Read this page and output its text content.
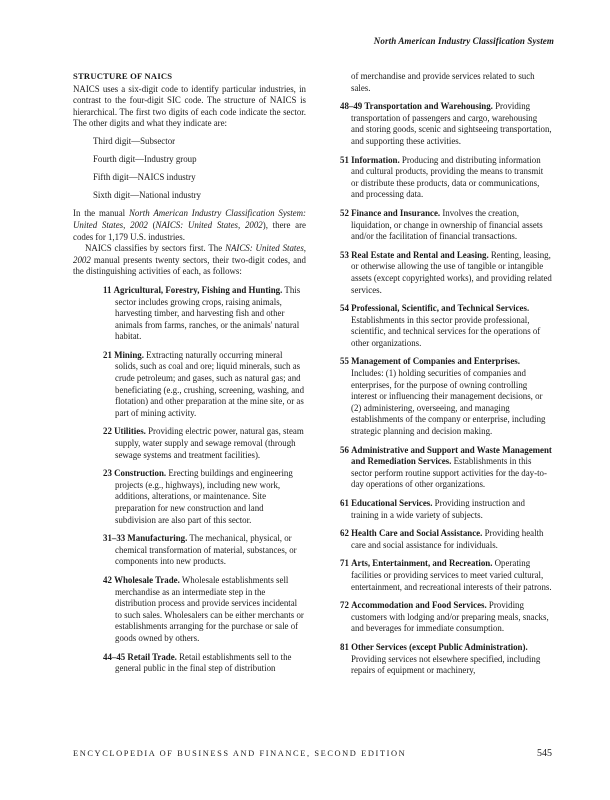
North American Industry Classification System
STRUCTURE OF NAICS

NAICS uses a six-digit code to identify particular industries, in contrast to the four-digit SIC code. The structure of NAICS is hierarchical. The first two digits of each code indicate the sector. The other digits and what they indicate are:

Third digit—Subsector
Fourth digit—Industry group
Fifth digit—NAICS industry
Sixth digit—National industry

In the manual North American Industry Classification System: United States, 2002 (NAICS: United States, 2002), there are codes for 1,179 U.S. industries.

NAICS classifies by sectors first. The NAICS: United States, 2002 manual presents twenty sectors, their two-digit codes, and the distinguishing activities of each, as follows:

11 Agricultural, Forestry, Fishing and Hunting. This sector includes growing crops, raising animals, harvesting timber, and harvesting fish and other animals from farms, ranches, or the animals' natural habitat.
21 Mining. Extracting naturally occurring mineral solids, such as coal and ore; liquid minerals, such as crude petroleum; and gases, such as natural gas; and beneficiating (e.g., crushing, screening, washing, and flotation) and other preparation at the mine site, or as part of mining activity.
22 Utilities. Providing electric power, natural gas, steam supply, water supply and sewage removal (through sewage systems and treatment facilities).
23 Construction. Erecting buildings and engineering projects (e.g., highways), including new work, additions, alterations, or maintenance. Site preparation for new construction and land subdivision are also part of this sector.
31–33 Manufacturing. The mechanical, physical, or chemical transformation of material, substances, or components into new products.
42 Wholesale Trade. Wholesale establishments sell merchandise as an intermediate step in the distribution process and provide services incidental to such sales. Wholesalers can be either merchants or establishments arranging for the purchase or sale of goods owned by others.
44–45 Retail Trade. Retail establishments sell to the general public in the final step of distribution

of merchandise and provide services related to such sales.

48–49 Transportation and Warehousing. Providing transportation of passengers and cargo, warehousing and storing goods, scenic and sightseeing transportation, and supporting these activities.
51 Information. Producing and distributing information and cultural products, providing the means to transmit or distribute these products, data or communications, and processing data.
52 Finance and Insurance. Involves the creation, liquidation, or change in ownership of financial assets and/or the facilitation of financial transactions.
53 Real Estate and Rental and Leasing. Renting, leasing, or otherwise allowing the use of tangible or intangible assets (except copyrighted works), and providing related services.
54 Professional, Scientific, and Technical Services. Establishments in this sector provide professional, scientific, and technical services for the operations of other organizations.
55 Management of Companies and Enterprises. Includes: (1) holding securities of companies and enterprises, for the purpose of owning controlling interest or influencing their management decisions, or (2) administering, overseeing, and managing establishments of the company or enterprise, including strategic planning and decision making.
56 Administrative and Support and Waste Management and Remediation Services. Establishments in this sector perform routine support activities for the day-to-day operations of other organizations.
61 Educational Services. Providing instruction and training in a wide variety of subjects.
62 Health Care and Social Assistance. Providing health care and social assistance for individuals.
71 Arts, Entertainment, and Recreation. Operating facilities or providing services to meet varied cultural, entertainment, and recreational interests of their patrons.
72 Accommodation and Food Services. Providing customers with lodging and/or preparing meals, snacks, and beverages for immediate consumption.
81 Other Services (except Public Administration). Providing services not elsewhere specified, including repairs of equipment or machinery,
ENCYCLOPEDIA OF BUSINESS AND FINANCE, SECOND EDITION	545
